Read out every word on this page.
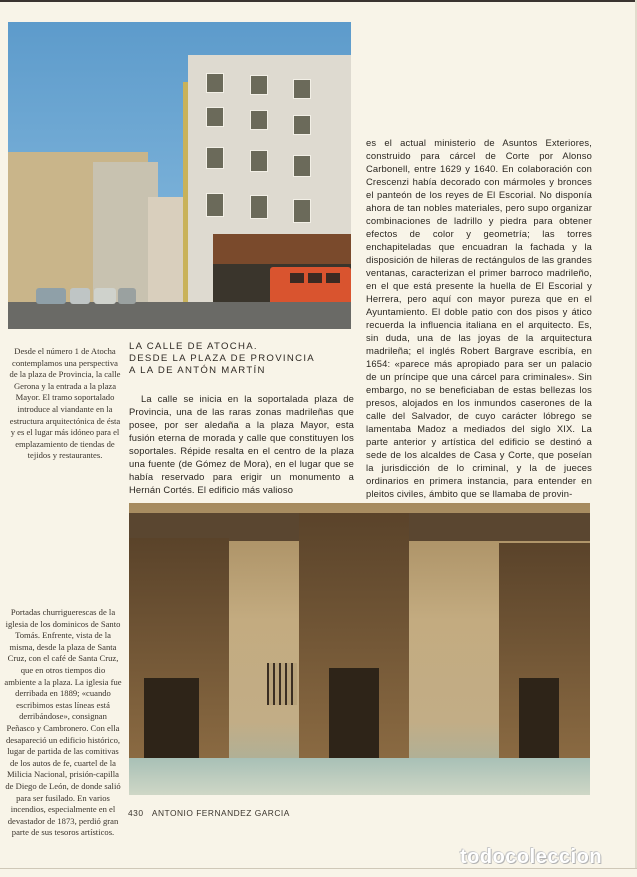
Desde el número 1 de Atocha contemplamos una perspectiva de la plaza de Provincia, la calle Gerona y la entrada a la plaza Mayor. El tramo soportalado introduce al viandante en la estructura arquitectónica de ésta y es el lugar más idóneo para el emplazamiento de tiendas de tejidos y restaurantes.
LA CALLE DE ATOCHA.
DESDE LA PLAZA DE PROVINCIA
A LA DE ANTÓN MARTÍN

La calle se inicia en la soportalada plaza de Provincia, una de las raras zonas madrileñas que posee, por ser aledaña a la plaza Mayor, esta fusión eterna de morada y calle que constituyen los soportales. Répide resalta en el centro de la plaza una fuente (de Gómez de Mora), en el lugar que se había reservado para erigir un monumento a Hernán Cortés. El edificio más valioso

es el actual ministerio de Asuntos Exteriores, construido para cárcel de Corte por Alonso Carbonell, entre 1629 y 1640. En colaboración con Crescenzi había decorado con mármoles y bronces el panteón de los reyes de El Escorial. No disponía ahora de tan nobles materiales, pero supo organizar combinaciones de ladrillo y piedra para obtener efectos de color y geometría; las torres enchapiteladas que encuadran la fachada y la disposición de hileras de rectángulos de las grandes ventanas, caracterizan el primer barroco madrileño, en el que está presente la huella de El Escorial y Herrera, pero aquí con mayor pureza que en el Ayuntamiento. El doble patio con dos pisos y ático recuerda la influencia italiana en el arquitecto. Es, sin duda, una de las joyas de la arquitectura madrileña; el inglés Robert Bargrave escribía, en 1654: «parece más apropiado para ser un palacio de un príncipe que una cárcel para criminales». Sin embargo, no se beneficiaban de estas bellezas los presos, alojados en los inmundos caserones de la calle del Salvador, de cuyo carácter lóbrego se lamentaba Madoz a mediados del siglo XIX. La parte anterior y artística del edificio se destinó a sede de los alcaldes de Casa y Corte, que poseían la jurisdicción de lo criminal, y la de jueces ordinarios en primera instancia, para entender en pleitos civiles, ámbito que se llamaba de provin-

Portadas churriguerescas de la iglesia de los dominicos de Santo Tomás. Enfrente, vista de la misma, desde la plaza de Santa Cruz, con el café de Santa Cruz, que en otros tiempos dio ambiente a la plaza. La iglesia fue derribada en 1889; «cuando escribimos estas líneas está derribándose», consignan Peñasco y Cambronero. Con ella desapareció un edificio histórico, lugar de partida de las comitivas de los autos de fe, cuartel de la Milicia Nacional, prisión-capilla de Diego de León, de donde salió para ser fusilado. En varios incendios, especialmente en el devastador de 1873, perdió gran parte de sus tesoros artísticos.
430 ANTONIO FERNANDEZ GARCIA
todocoleccion
